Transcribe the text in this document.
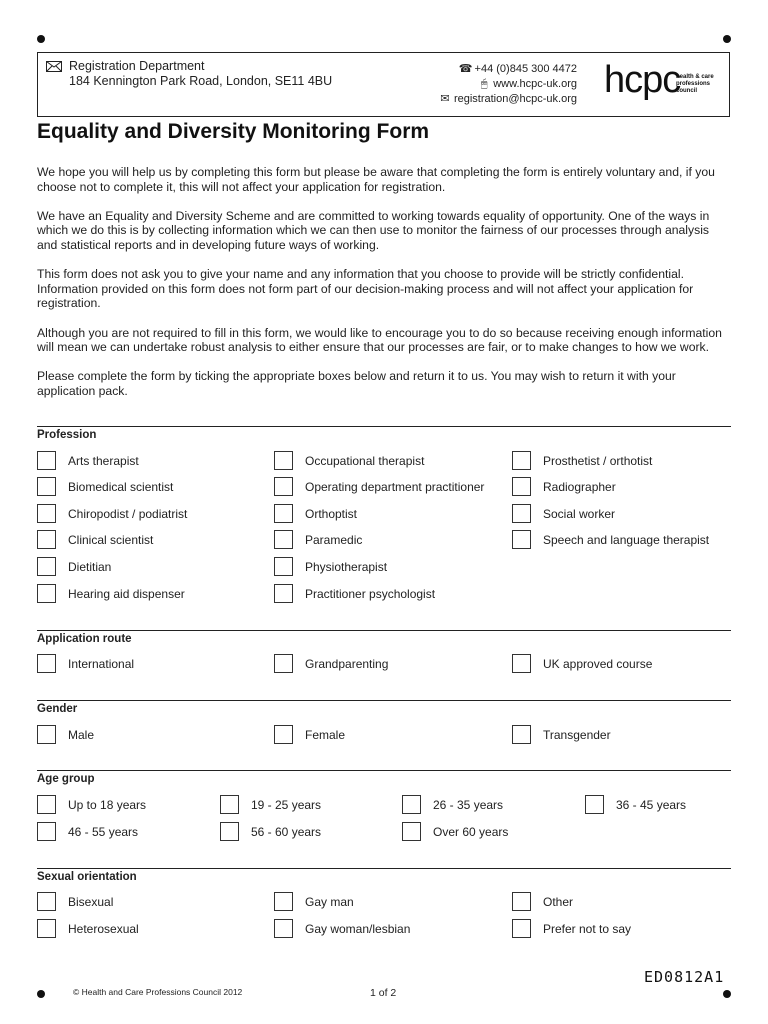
Registration Department
184 Kennington Park Road, London, SE11 4BU
☎ +44 (0)845 300 4472
🖱 www.hcpc-uk.org
✉ registration@hcpc-uk.org hcpc
health & care
professions
council
Equality and Diversity Monitoring Form

We hope you will help us by completing this form but please be aware that completing the form is entirely voluntary and, if you choose not to complete it, this will not affect your application for registration.

We have an Equality and Diversity Scheme and are committed to working towards equality of opportunity. One of the ways in which we do this is by collecting information which we can then use to monitor the fairness of our processes through analysis and statistical reports and in developing future ways of working.

This form does not ask you to give your name and any information that you choose to provide will be strictly confidential. Information provided on this form does not form part of our decision-making process and will not affect your application for registration.

Although you are not required to fill in this form, we would like to encourage you to do so because receiving enough information will mean we can undertake robust analysis to either ensure that our processes are fair, or to make changes to how we work.

Please complete the form by ticking the appropriate boxes below and return it to us. You may wish to return it with your application pack.

Profession
Arts therapist	Occupational therapist	Prosthetist / orthotist
Biomedical scientist	Operating department practitioner	Radiographer
Chiropodist / podiatrist	Orthoptist	Social worker
Clinical scientist	Paramedic	Speech and language therapist
Dietitian	Physiotherapist
Hearing aid dispenser	Practitioner psychologist
Application route
International	Grandparenting	UK approved course
Gender
Male	Female	Transgender
Age group
Up to 18 years	19 - 25 years	26 - 35 years	36 - 45 years
46 - 55 years	56 - 60 years	Over 60 years
Sexual orientation
Bisexual	Gay man	Other
Heterosexual	Gay woman/lesbian	Prefer not to say
ED0812A1
© Health and Care Professions Council 2012	1 of 2
